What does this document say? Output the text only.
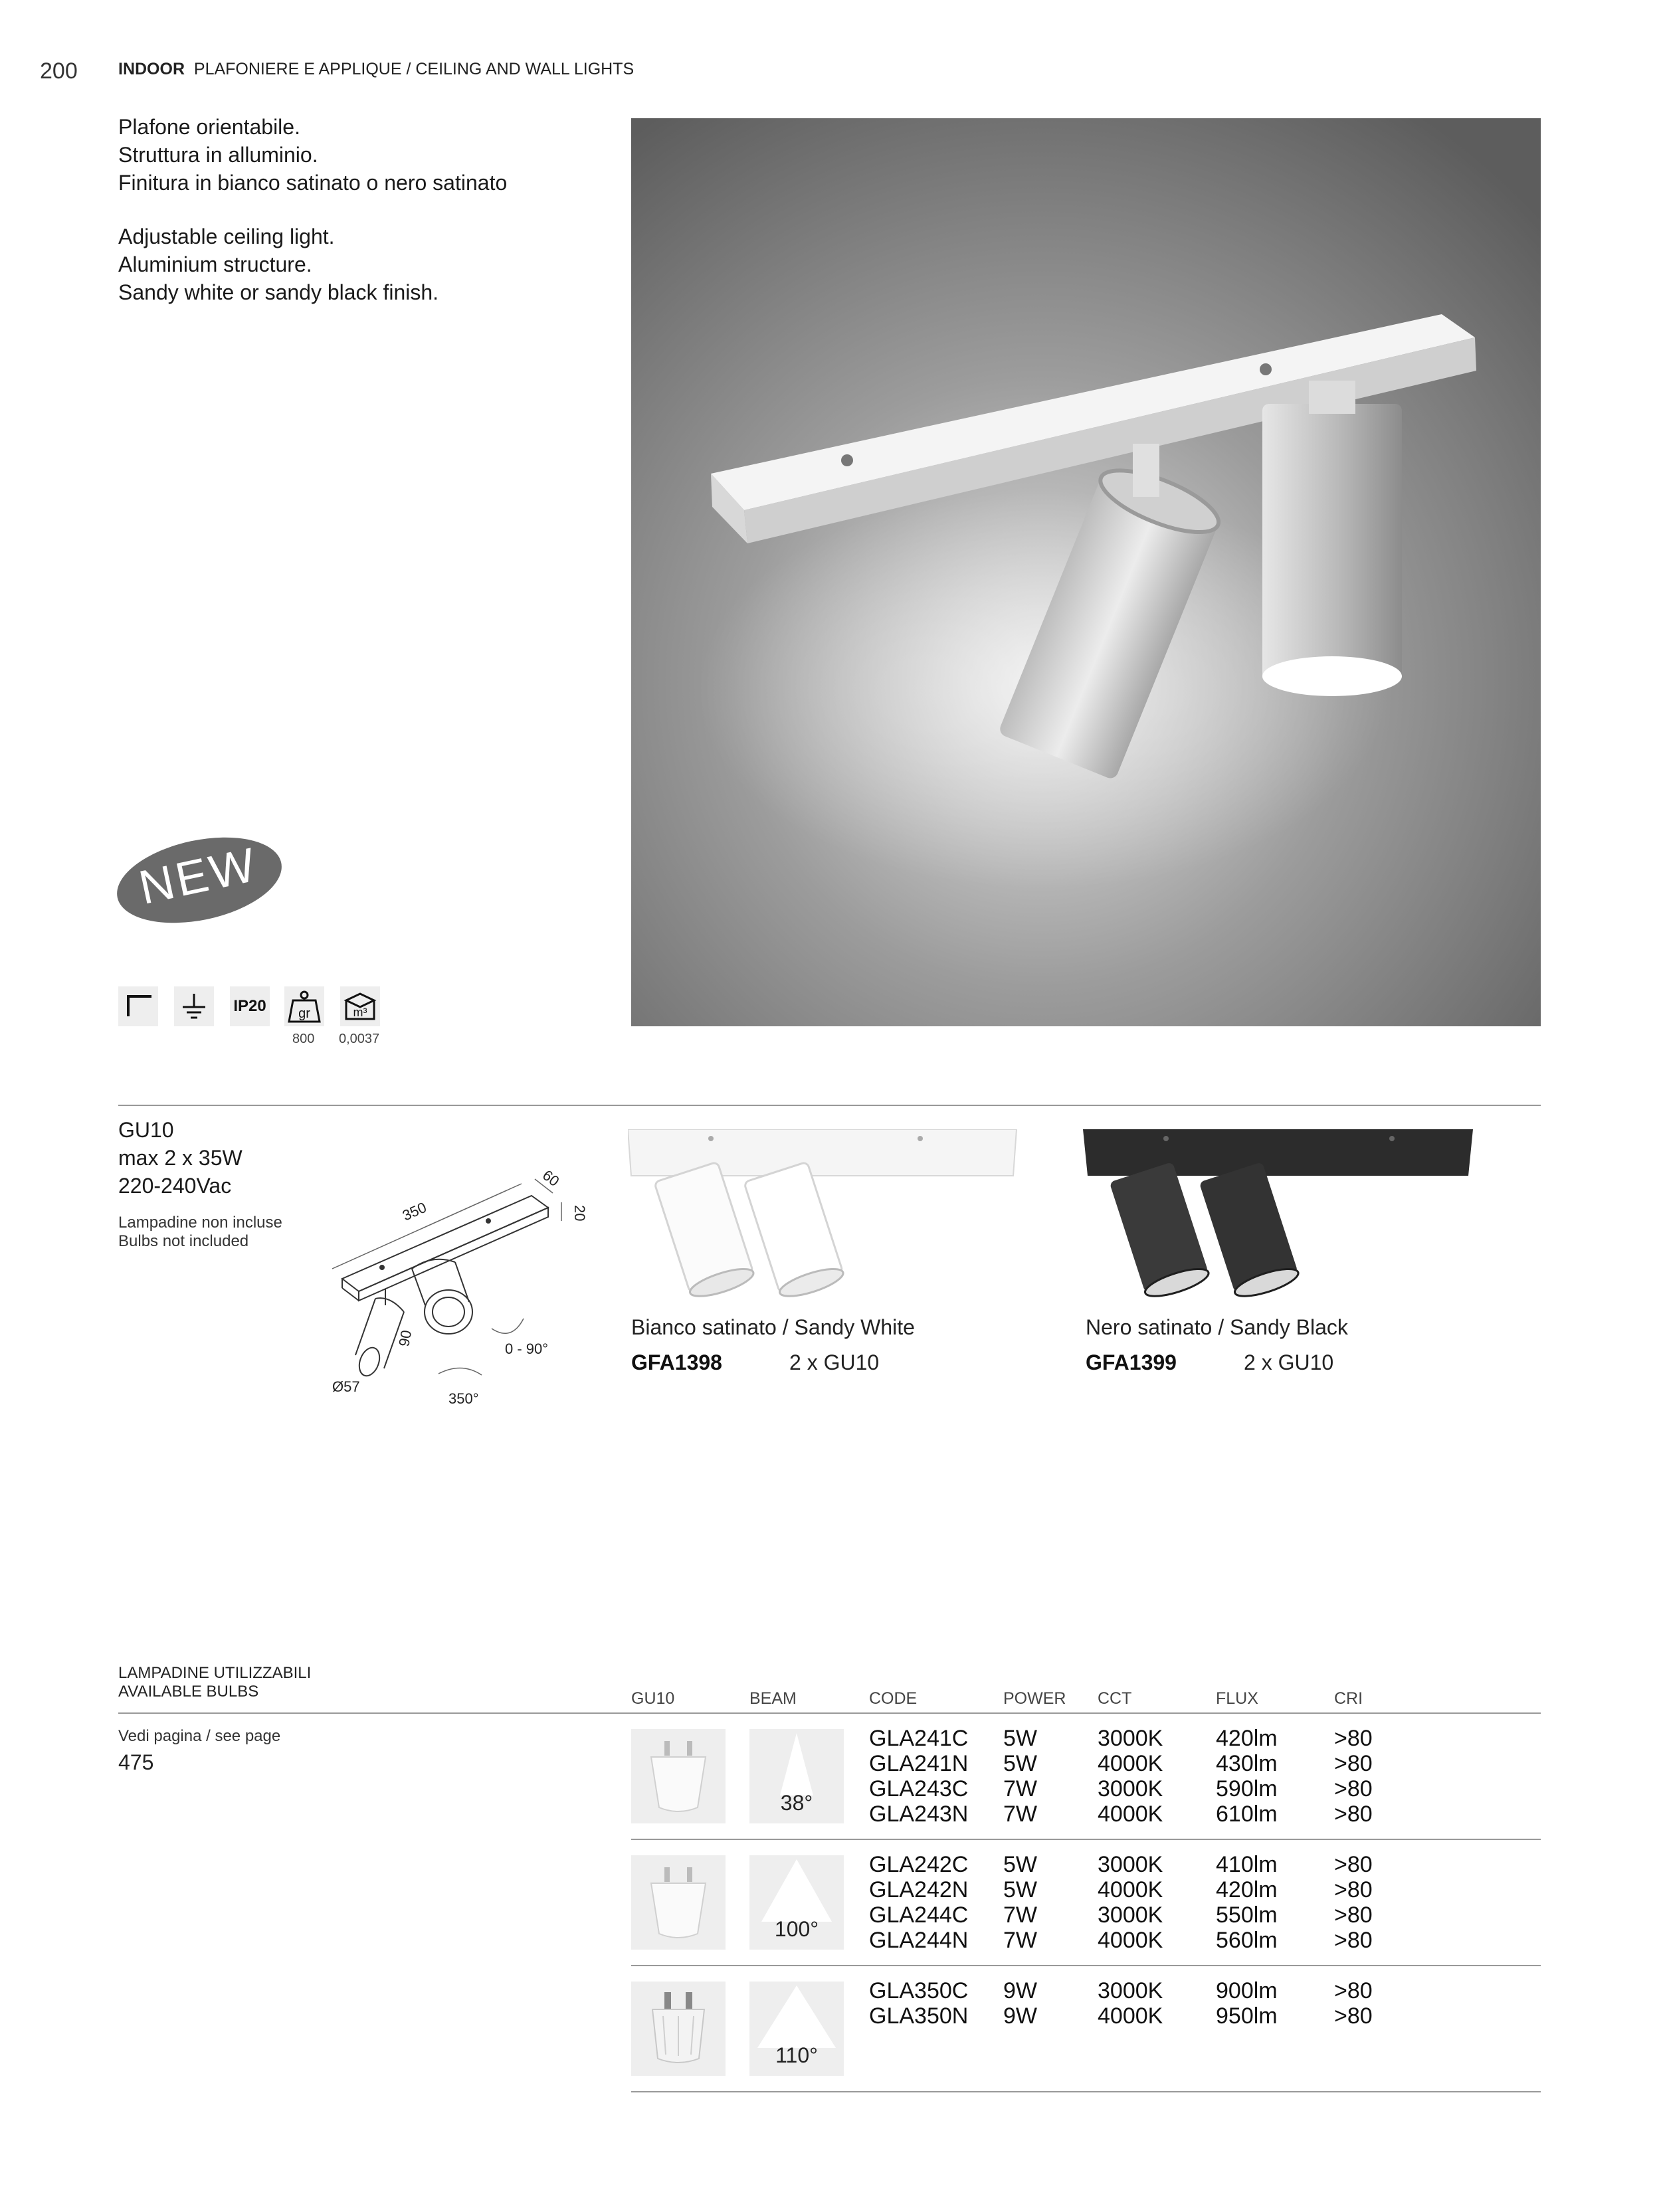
200 INDOOR PLAFONIERE E APPLIQUE / CEILING AND WALL LIGHTS
Plafone orientabile.
Struttura in alluminio.
Finitura in bianco satinato o nero satinato
Adjustable ceiling light.
Aluminium structure.
Sandy white or sandy black finish.
NEW
IP20 gr	m³
800 0,0037
GU10
max 2 x 35W
220-240Vac
Lampadine non incluse
Bulbs not included
350
60
20
90
0 - 90°
Ø57
350°
Bianco satinato / Sandy White
GFA1398	2 x GU10
Nero satinato / Sandy Black
GFA1399	2 x GU10
LAMPADINE UTILIZZABILI
AVAILABLE BULBS
Vedi pagina / see page
475
GU10	BEAM	CODE	POWER CCT	FLUX	CRI
38°
GLA241C 5W	3000K 420lm	>80
GLA241N 5W	4000K 430lm	>80
GLA243C 7W	3000K 590lm	>80
GLA243N 7W	4000K 610lm	>80
100°
GLA242C 5W	3000K 410lm	>80
GLA242N 5W	4000K 420lm	>80
GLA244C 7W	3000K 550lm	>80
GLA244N 7W	4000K 560lm	>80
110°
GLA350C 9W	3000K 900lm	>80
GLA350N 9W	4000K 950lm	>80
